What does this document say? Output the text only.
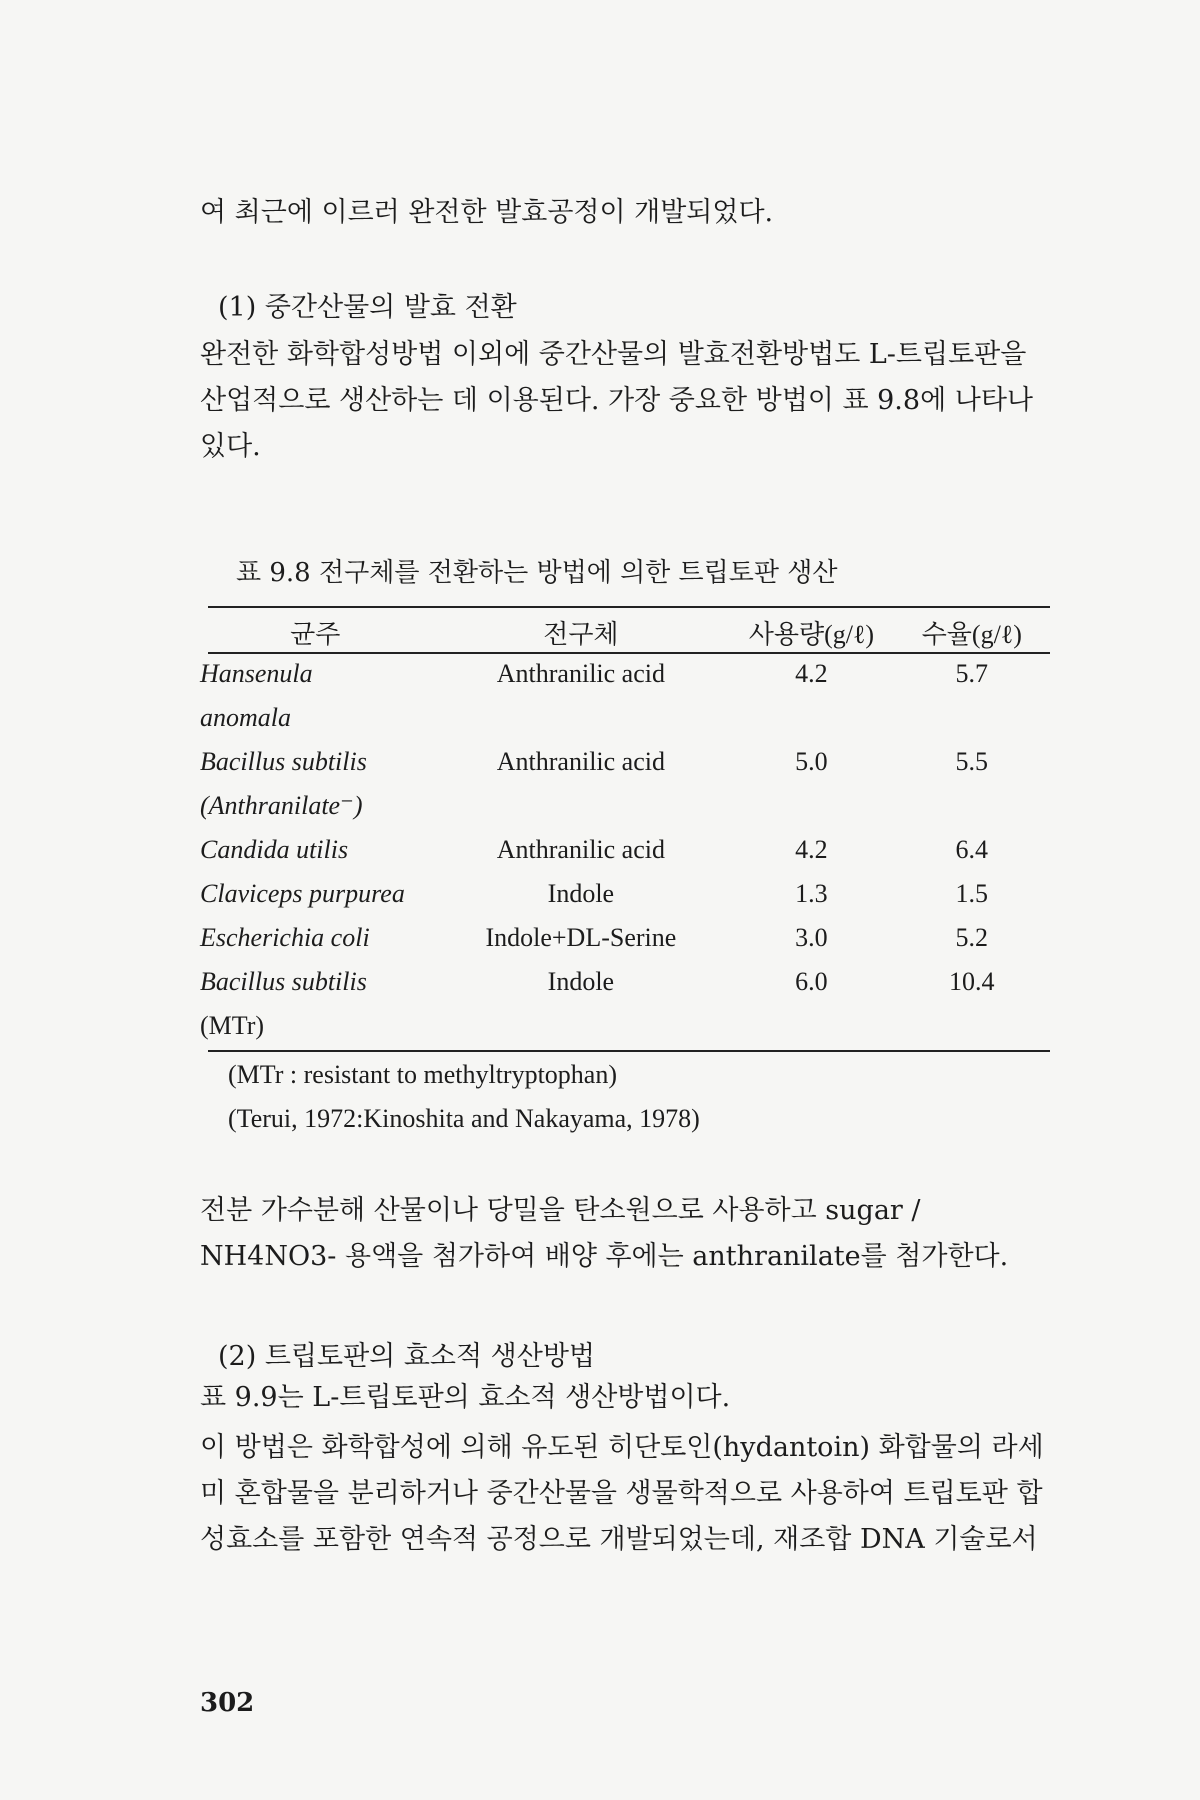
여 최근에 이르러 완전한 발효공정이 개발되었다.

(1) 중간산물의 발효 전환

완전한 화학합성방법 이외에 중간산물의 발효전환방법도 L-트립토판을 산업적으로 생산하는 데 이용된다. 가장 중요한 방법이 표 9.8에 나타나 있다.

표 9.8 전구체를 전환하는 방법에 의한 트립토판 생산

균주	전구체	사용량(g/ℓ)	수율(g/ℓ)
Hansenula	Anthranilic acid	4.2	5.7
anomala			
Bacillus subtilis	Anthranilic acid	5.0	5.5
(Anthranilate⁻)			
Candida utilis	Anthranilic acid	4.2	6.4
Claviceps purpurea	Indole	1.3	1.5
Escherichia coli	Indole+DL-Serine	3.0	5.2
Bacillus subtilis	Indole	6.0	10.4
(MTr)			

(MTr : resistant to methyltryptophan)

(Terui, 1972:Kinoshita and Nakayama, 1978)

전분 가수분해 산물이나 당밀을 탄소원으로 사용하고 sugar / NH4NO3- 용액을 첨가하여 배양 후에는 anthranilate를 첨가한다.

(2) 트립토판의 효소적 생산방법

표 9.9는 L-트립토판의 효소적 생산방법이다.

이 방법은 화학합성에 의해 유도된 히단토인(hydantoin) 화합물의 라세미 혼합물을 분리하거나 중간산물을 생물학적으로 사용하여 트립토판 합성효소를 포함한 연속적 공정으로 개발되었는데, 재조합 DNA 기술로서

302
